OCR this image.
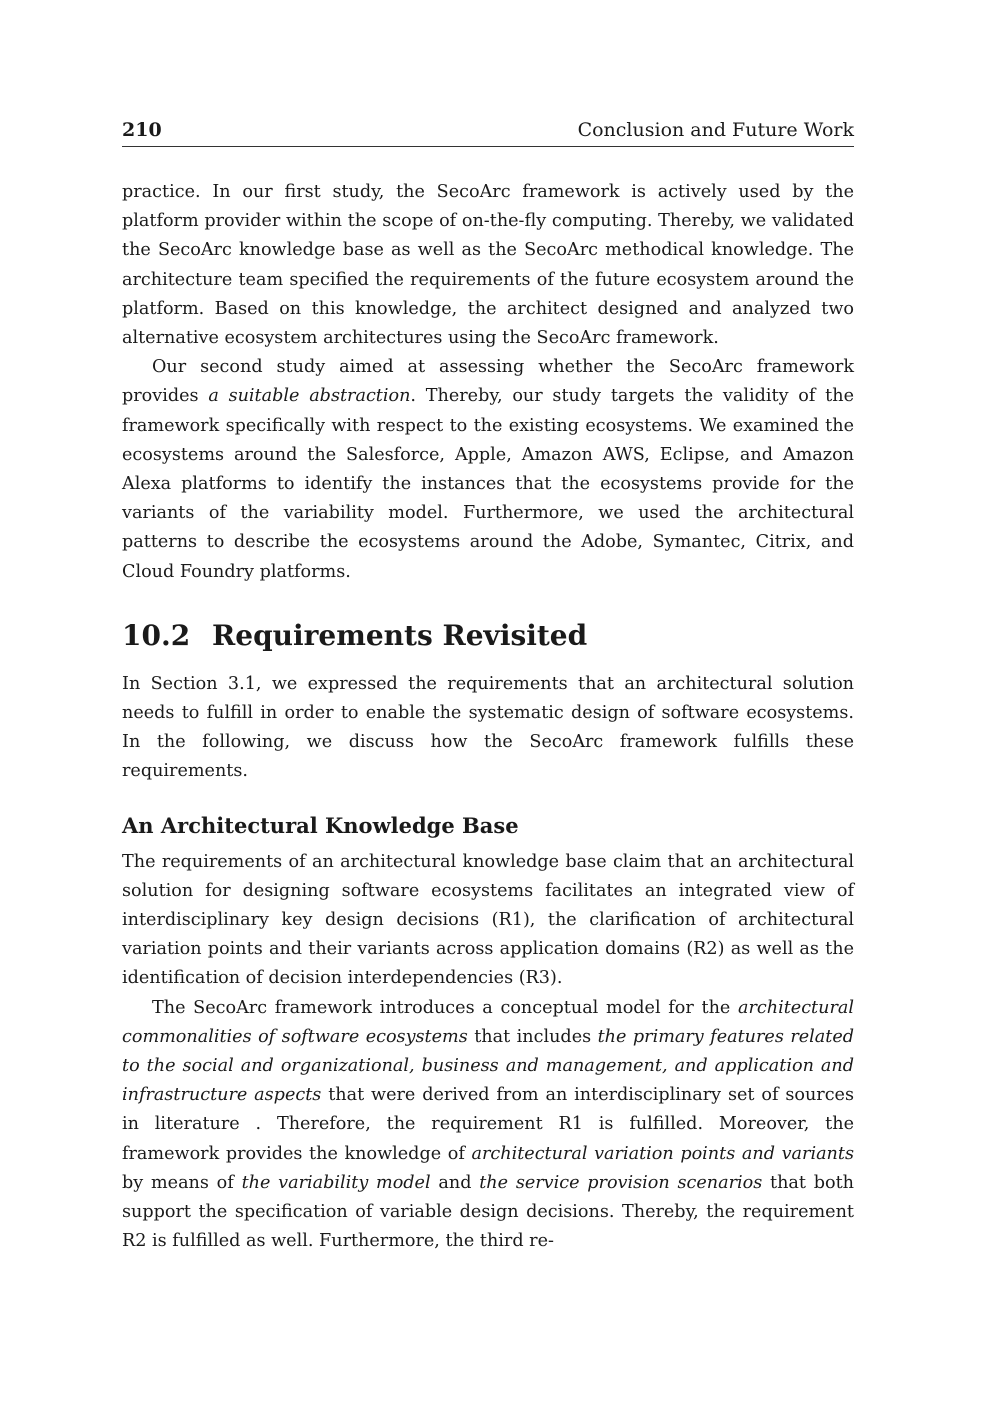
210	Conclusion and Future Work

practice. In our first study, the SecoArc framework is actively used by the platform provider within the scope of on-the-fly computing. Thereby, we validated the SecoArc knowledge base as well as the SecoArc methodical knowledge. The architecture team specified the requirements of the future ecosystem around the platform. Based on this knowledge, the architect designed and analyzed two alternative ecosystem architectures using the SecoArc framework.

Our second study aimed at assessing whether the SecoArc framework provides a suitable abstraction. Thereby, our study targets the validity of the framework specifically with respect to the existing ecosystems. We examined the ecosystems around the Salesforce, Apple, Amazon AWS, Eclipse, and Amazon Alexa platforms to identify the instances that the ecosystems provide for the variants of the variability model. Furthermore, we used the architectural patterns to describe the ecosystems around the Adobe, Symantec, Citrix, and Cloud Foundry platforms.

10.2 Requirements Revisited

In Section 3.1, we expressed the requirements that an architectural solution needs to fulfill in order to enable the systematic design of software ecosystems. In the following, we discuss how the SecoArc framework fulfills these requirements.

An Architectural Knowledge Base

The requirements of an architectural knowledge base claim that an architectural solution for designing software ecosystems facilitates an integrated view of interdisciplinary key design decisions (R1), the clarification of architectural variation points and their variants across application domains (R2) as well as the identification of decision interdependencies (R3).

The SecoArc framework introduces a conceptual model for the architectural commonalities of software ecosystems that includes the primary features related to the social and organizational, business and management, and application and infrastructure aspects that were derived from an interdisciplinary set of sources in literature . Therefore, the requirement R1 is fulfilled. Moreover, the framework provides the knowledge of architectural variation points and variants by means of the variability model and the service provision scenarios that both support the specification of variable design decisions. Thereby, the requirement R2 is fulfilled as well. Furthermore, the third re-
